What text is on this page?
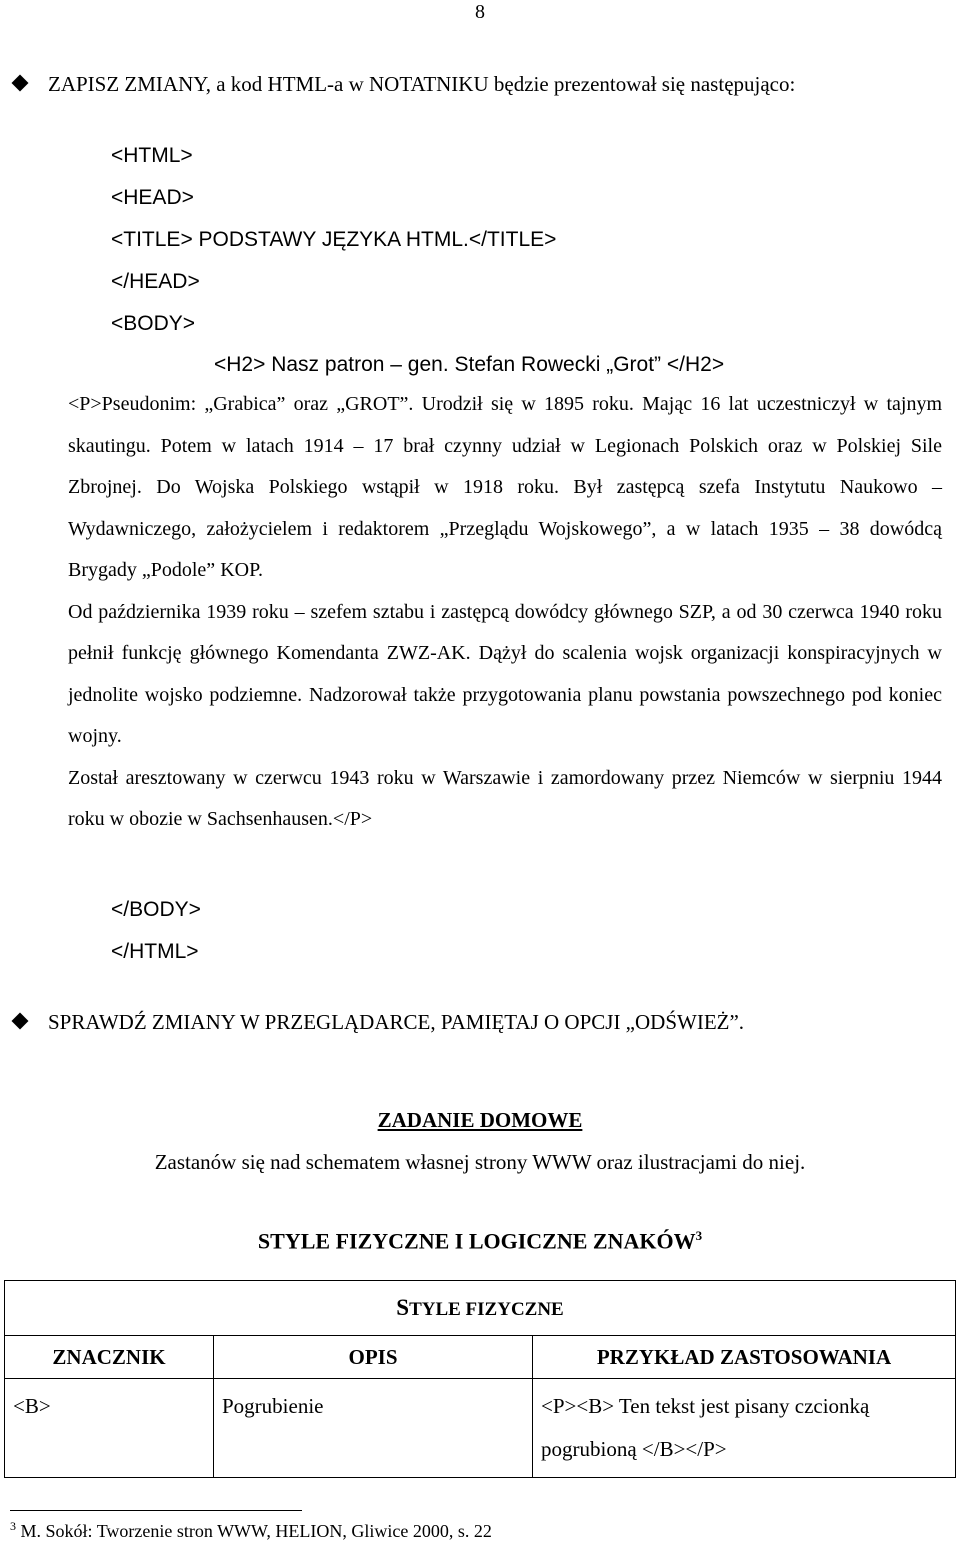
8
ZAPISZ ZMIANY, a kod HTML-a w NOTATNIKU będzie prezentował się następująco:
<HTML>
<HEAD>
<TITLE> PODSTAWY JĘZYKA HTML.</TITLE>
</HEAD>
<BODY>
<H2> Nasz patron – gen. Stefan Rowecki „Grot” </H2>

<P>Pseudonim: „Grabica” oraz „GROT”. Urodził się w 1895 roku. Mając 16 lat uczestniczył w tajnym skautingu. Potem w latach 1914 – 17 brał czynny udział w Legionach Polskich oraz w Polskiej Sile Zbrojnej. Do Wojska Polskiego wstąpił w 1918 roku. Był zastępcą szefa Instytutu Naukowo – Wydawniczego, założycielem i redaktorem „Przeglądu Wojskowego”, a w latach 1935 – 38 dowódcą Brygady „Podole” KOP.

Od października 1939 roku – szefem sztabu i zastępcą dowódcy głównego SZP, a od 30 czerwca 1940 roku pełnił funkcję głównego Komendanta ZWZ-AK. Dążył do scalenia wojsk organizacji konspiracyjnych w jednolite wojsko podziemne. Nadzorował także przygotowania planu powstania powszechnego pod koniec wojny.

Został aresztowany w czerwcu 1943 roku w Warszawie i zamordowany przez Niemców w sierpniu 1944 roku w obozie w Sachsenhausen.</P>

</BODY>
</HTML>
SPRAWDŹ ZMIANY W PRZEGLĄDARCE, PAMIĘTAJ O OPCJI „ODŚWIEŻ”.
ZADANIE DOMOWE
Zastanów się nad schematem własnej strony WWW oraz ilustracjami do niej.
STYLE FIZYCZNE I LOGICZNE ZNAKÓW$^3$
STYLE FIZYCZNE		
ZNACZNIK	OPIS	PRZYKŁAD ZASTOSOWANIA
<B>	Pogrubienie	<P><B> Ten tekst jest pisany czcionką pogrubioną </B></P>
$^3$ M. Sokół: Tworzenie stron WWW, HELION, Gliwice 2000, s. 22
